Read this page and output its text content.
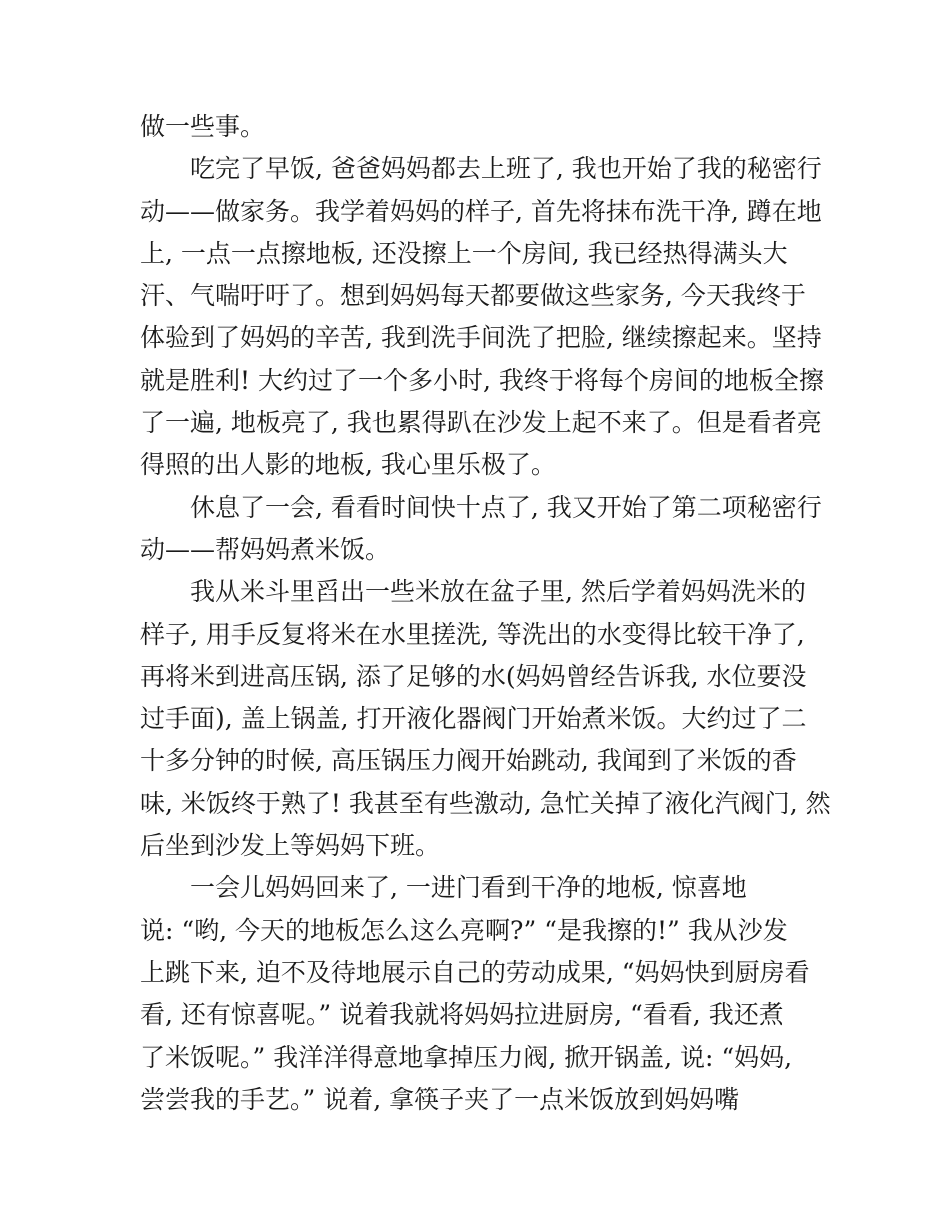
做一些事。
吃完了早饭, 爸爸妈妈都去上班了, 我也开始了我的秘密行
动——做家务。我学着妈妈的样子, 首先将抹布洗干净, 蹲在地
上, 一点一点擦地板, 还没擦上一个房间, 我已经热得满头大
汗、气喘吁吁了。想到妈妈每天都要做这些家务, 今天我终于
体验到了妈妈的辛苦, 我到洗手间洗了把脸, 继续擦起来。坚持
就是胜利! 大约过了一个多小时, 我终于将每个房间的地板全擦
了一遍, 地板亮了, 我也累得趴在沙发上起不来了。但是看者亮
得照的出人影的地板, 我心里乐极了。
休息了一会, 看看时间快十点了, 我又开始了第二项秘密行
动——帮妈妈煮米饭。
我从米斗里舀出一些米放在盆子里, 然后学着妈妈洗米的
样子, 用手反复将米在水里搓洗, 等洗出的水变得比较干净了,
再将米到进高压锅, 添了足够的水(妈妈曾经告诉我, 水位要没
过手面), 盖上锅盖, 打开液化器阀门开始煮米饭。大约过了二
十多分钟的时候, 高压锅压力阀开始跳动, 我闻到了米饭的香
味, 米饭终于熟了! 我甚至有些激动, 急忙关掉了液化汽阀门, 然
后坐到沙发上等妈妈下班。
一会儿妈妈回来了, 一进门看到干净的地板, 惊喜地
说: “哟, 今天的地板怎么这么亮啊?” “是我擦的!” 我从沙发
上跳下来, 迫不及待地展示自己的劳动成果, “妈妈快到厨房看
看, 还有惊喜呢。” 说着我就将妈妈拉进厨房, “看看, 我还煮
了米饭呢。” 我洋洋得意地拿掉压力阀, 掀开锅盖, 说: “妈妈,
尝尝我的手艺。” 说着, 拿筷子夹了一点米饭放到妈妈嘴
